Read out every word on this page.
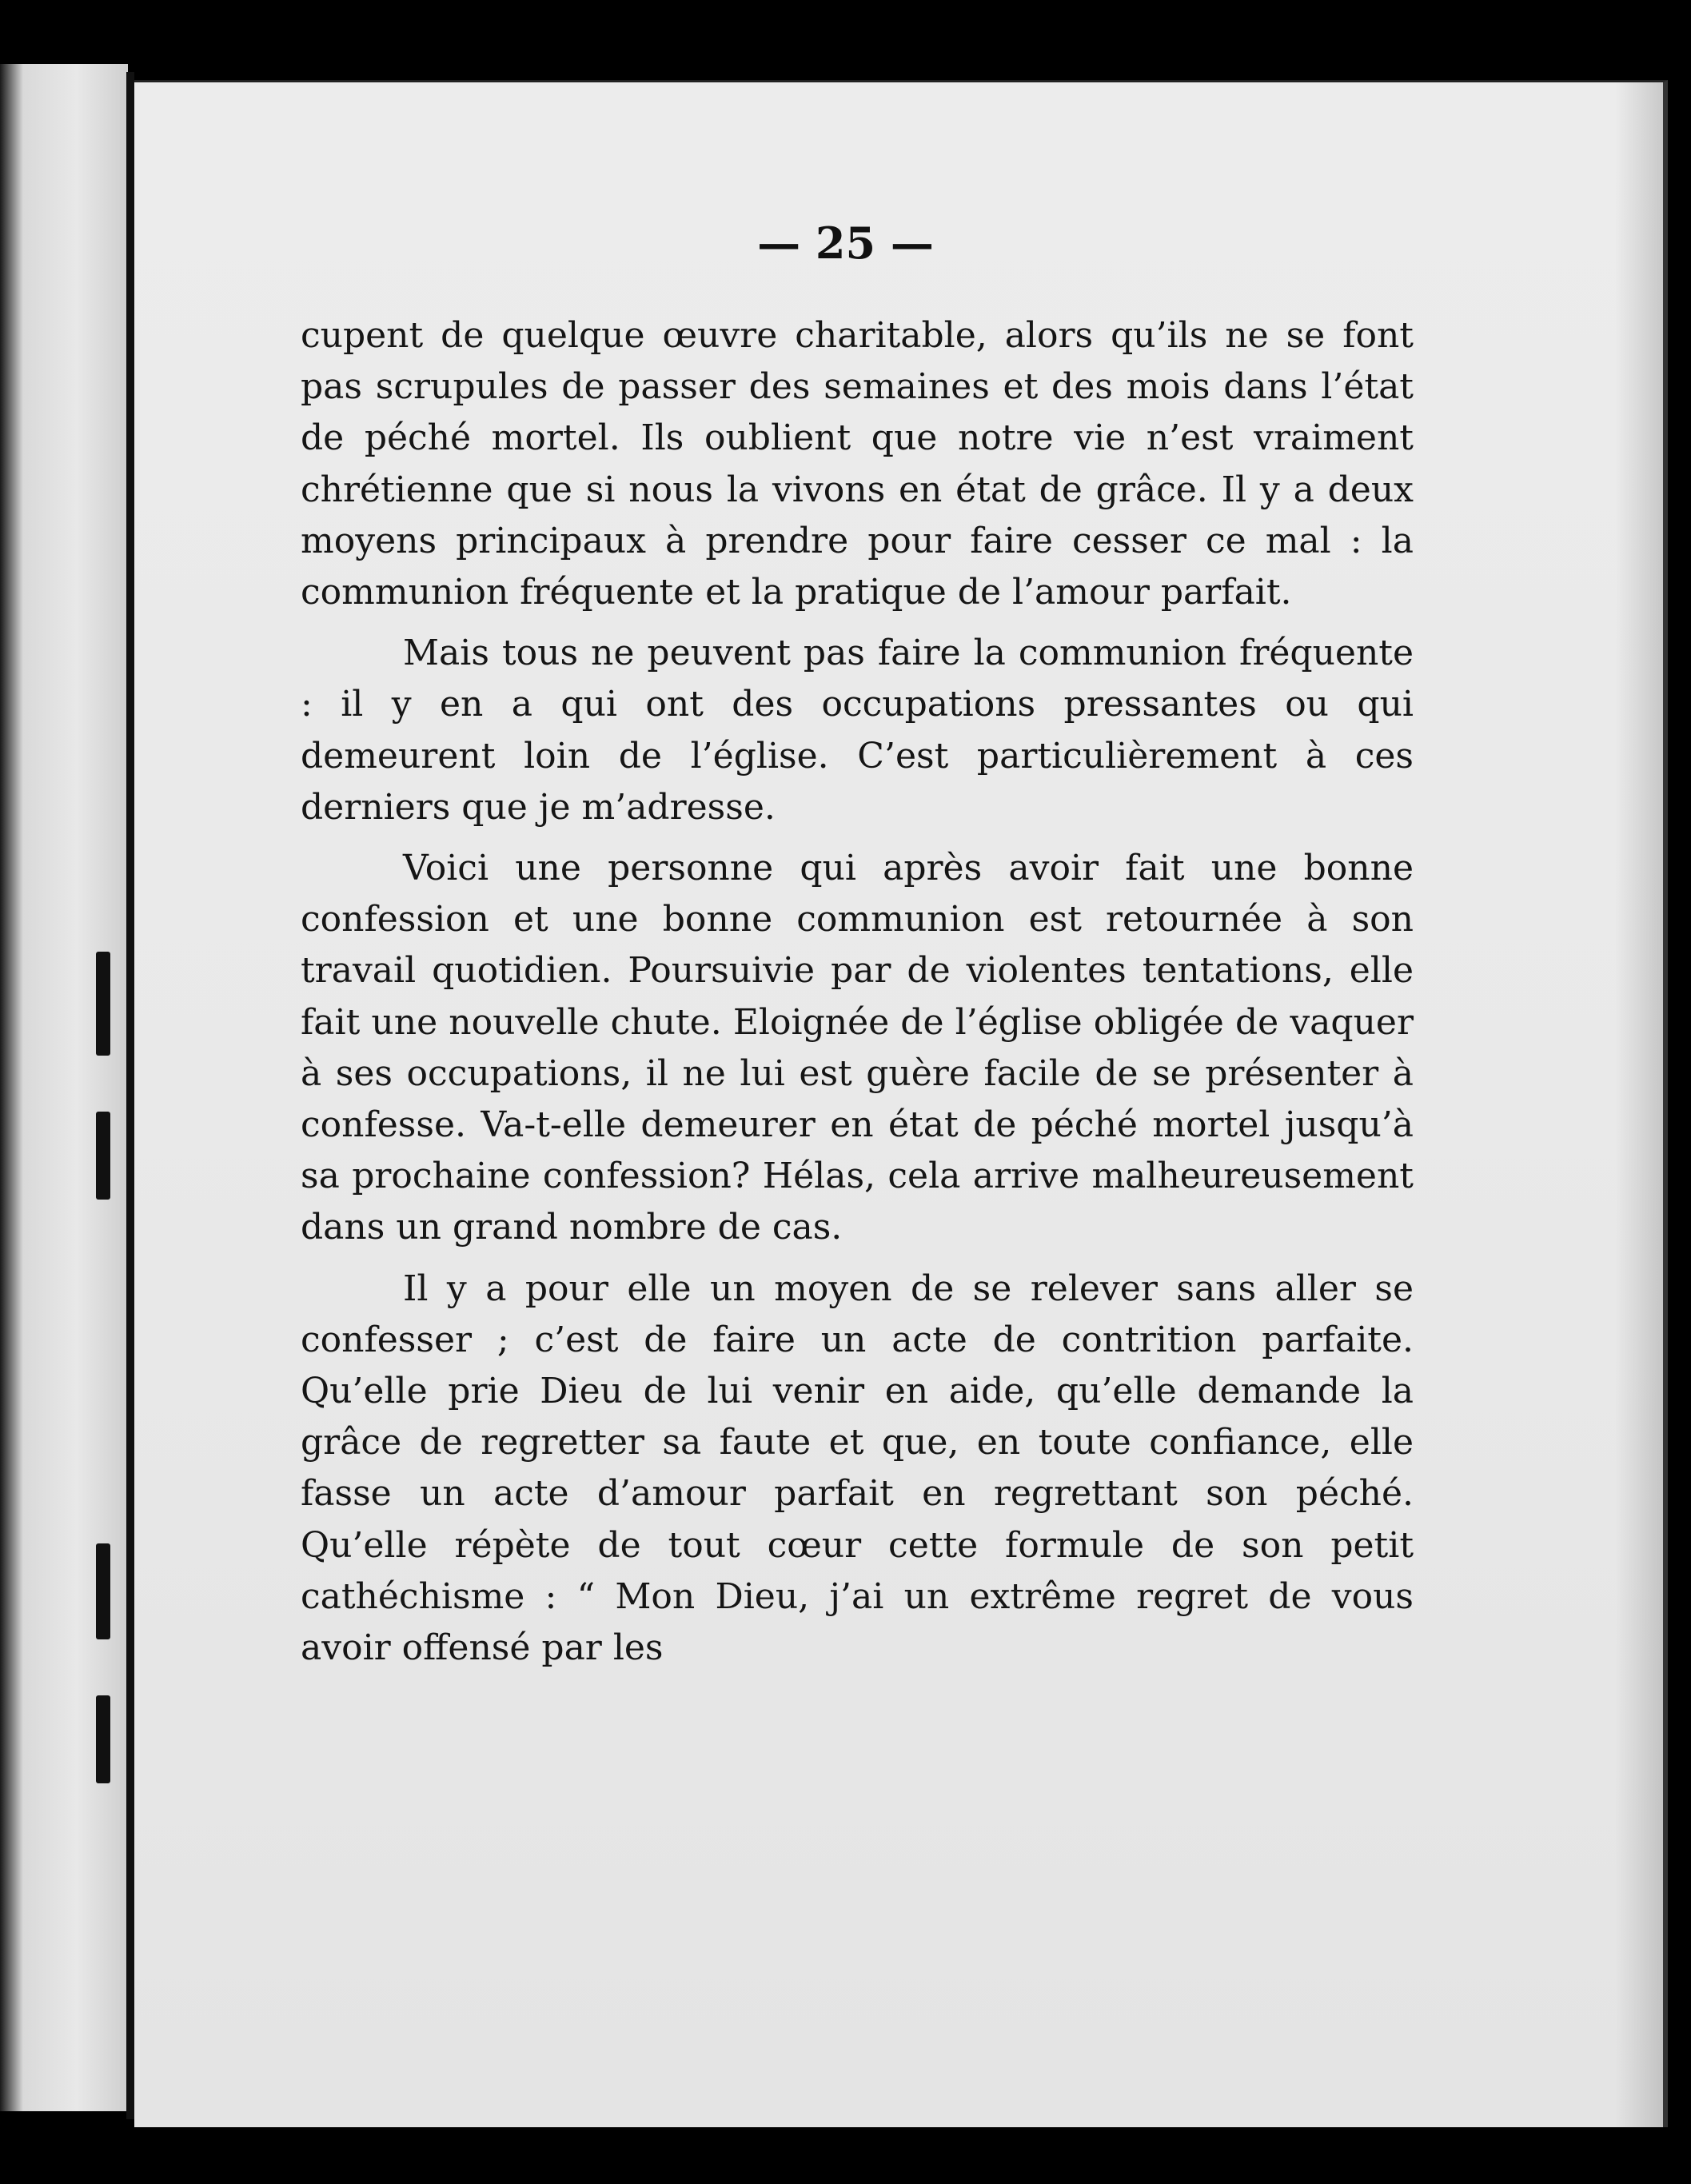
— 25 —

cupent de quelque œuvre charitable, alors qu’ils ne se font pas scrupules de passer des semaines et des mois dans l’état de péché mortel. Ils oublient que notre vie n’est vraiment chrétienne que si nous la vivons en état de grâce. Il y a deux moyens principaux à prendre pour faire cesser ce mal : la communion fréquente et la pratique de l’amour parfait.

Mais tous ne peuvent pas faire la communion fréquente : il y en a qui ont des occupations pressantes ou qui demeurent loin de l’église. C’est particulièrement à ces derniers que je m’adresse.

Voici une personne qui après avoir fait une bonne confession et une bonne communion est retournée à son travail quotidien. Poursuivie par de violentes tentations, elle fait une nouvelle chute. Eloignée de l’église obligée de vaquer à ses occupations, il ne lui est guère facile de se présenter à confesse. Va-t-elle demeurer en état de péché mortel jusqu’à sa prochaine confession? Hélas, cela arrive malheureusement dans un grand nombre de cas.

Il y a pour elle un moyen de se relever sans aller se confesser ; c’est de faire un acte de contrition parfaite. Qu’elle prie Dieu de lui venir en aide, qu’elle demande la grâce de regretter sa faute et que, en toute confiance, elle fasse un acte d’amour parfait en regrettant son péché. Qu’elle répète de tout cœur cette formule de son petit cathéchisme : “ Mon Dieu, j’ai un extrême regret de vous avoir offensé par les
